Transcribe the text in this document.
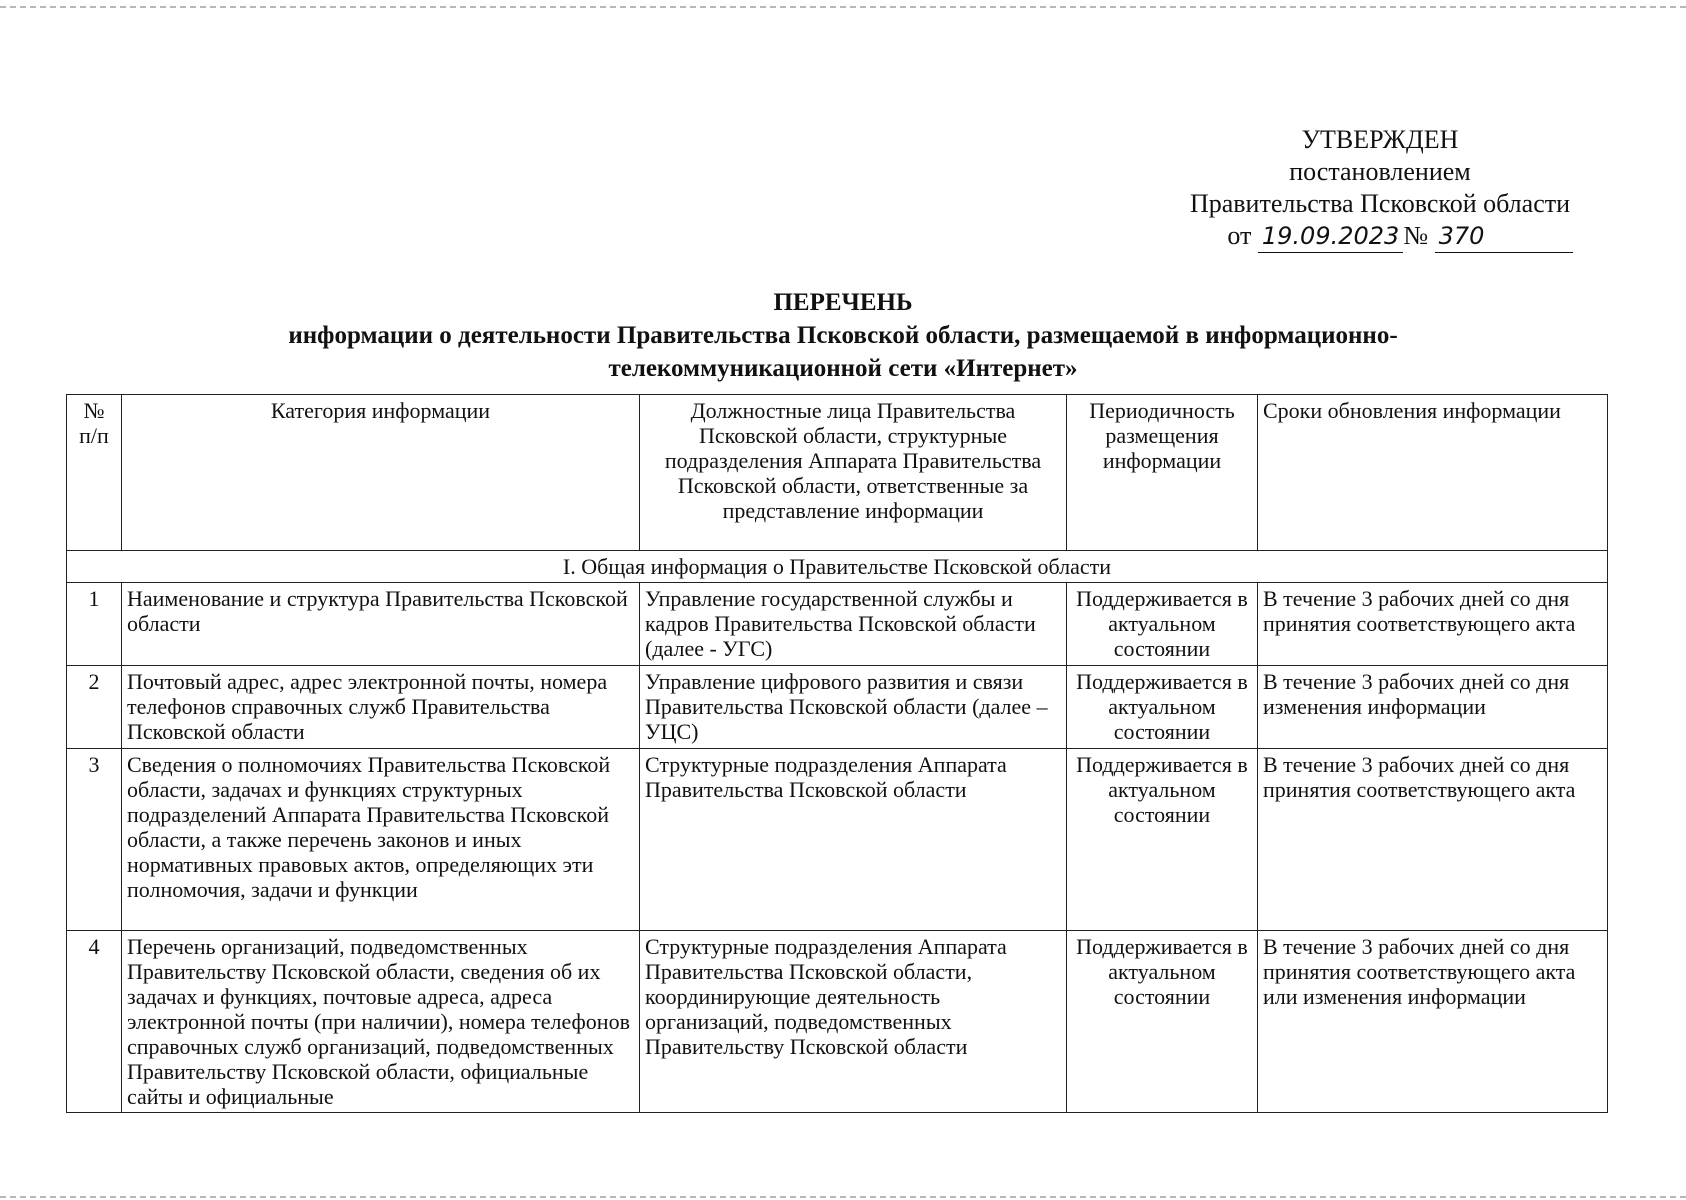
УТВЕРЖДЕН
постановлением
Правительства Псковской области
от 19.09.2023 № 370
ПЕРЕЧЕНЬ
информации о деятельности Правительства Псковской области, размещаемой в информационно-
телекоммуникационной сети «Интернет»
№ п/п	Категория информации	Должностные лица Правительства Псковской области, структурные подразделения Аппарата Правительства Псковской области, ответственные за представление информации	Периодичность размещения информации	Сроки обновления информации
I. Общая информация о Правительстве Псковской области				
1	Наименование и структура Правительства Псковской области	Управление государственной службы и кадров Правительства Псковской области (далее - УГС)	Поддерживается в актуальном состоянии	В течение 3 рабочих дней со дня принятия соответствующего акта
2	Почтовый адрес, адрес электронной почты, номера телефонов справочных служб Правительства Псковской области	Управление цифрового развития и связи Правительства Псковской области (далее – УЦС)	Поддерживается в актуальном состоянии	В течение 3 рабочих дней со дня изменения информации
3	Сведения о полномочиях Правительства Псковской области, задачах и функциях структурных подразделений Аппарата Правительства Псковской области, а также перечень законов и иных нормативных правовых актов, определяющих эти полномочия, задачи и функции	Структурные подразделения Аппарата Правительства Псковской области	Поддерживается в актуальном состоянии	В течение 3 рабочих дней со дня принятия соответствующего акта
4	Перечень организаций, подведомственных Правительству Псковской области, сведения об их задачах и функциях, почтовые адреса, адреса электронной почты (при наличии), номера телефонов справочных служб организаций, подведомственных Правительству Псковской области, официальные сайты и официальные	Структурные подразделения Аппарата Правительства Псковской области, координирующие деятельность организаций, подведомственных Правительству Псковской области	Поддерживается в актуальном состоянии	В течение 3 рабочих дней со дня принятия соответствующего акта или изменения информации
